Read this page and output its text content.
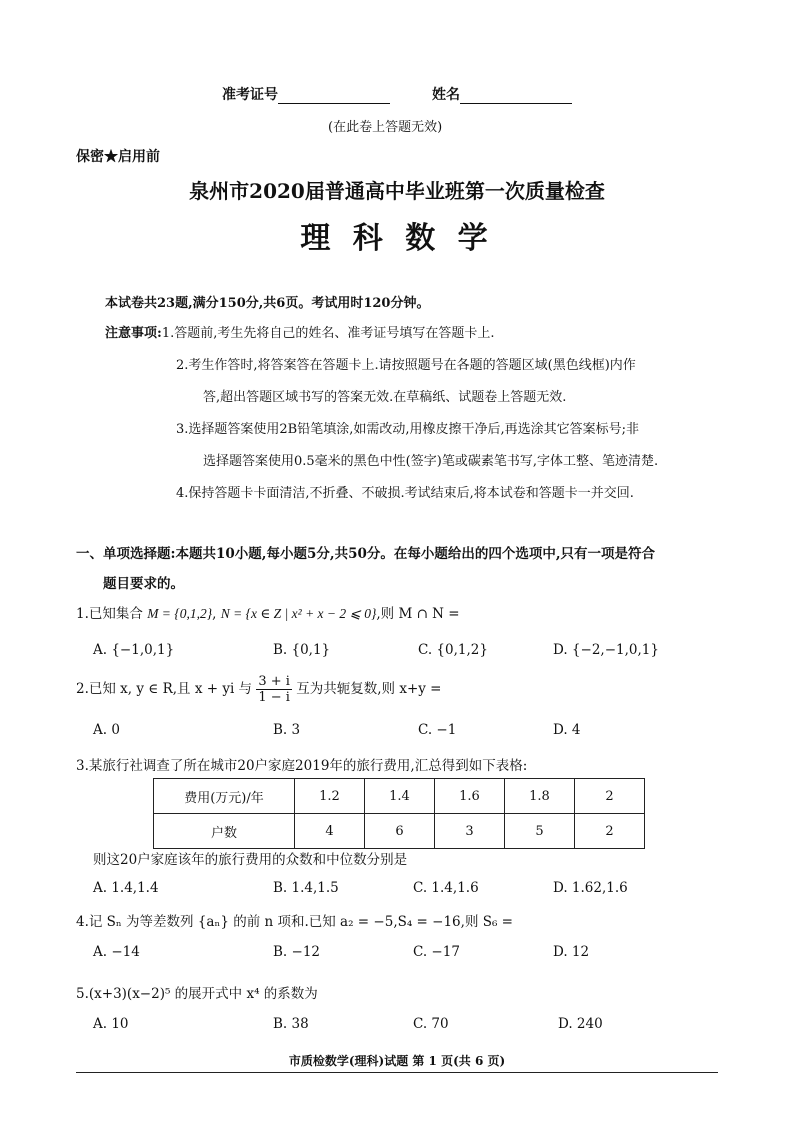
准考证号	姓名
(在此卷上答题无效)
保密★启用前
泉州市2020届普通高中毕业班第一次质量检查
理 科 数 学
本试卷共23题,满分150分,共6页。考试用时120分钟。
注意事项:1.答题前,考生先将自己的姓名、准考证号填写在答题卡上.
2.考生作答时,将答案答在答题卡上.请按照题号在各题的答题区域(黑色线框)内作
答,超出答题区域书写的答案无效.在草稿纸、试题卷上答题无效.
3.选择题答案使用2B铅笔填涂,如需改动,用橡皮擦干净后,再选涂其它答案标号;非
选择题答案使用0.5毫米的黑色中性(签字)笔或碳素笔书写,字体工整、笔迹清楚.
4.保持答题卡卡面清洁,不折叠、不破损.考试结束后,将本试卷和答题卡一并交回.
一、单项选择题:本题共10小题,每小题5分,共50分。在每小题给出的四个选项中,只有一项是符合
题目要求的。
1.已知集合 M = {0,1,2}, N = {x ∈ Z | x² + x − 2 ⩽ 0},则 M ∩ N =
A. {−1,0,1}	B. {0,1}	C. {0,1,2}	D. {−2,−1,0,1}
2.已知 x, y ∈ R,且 x + yi 与 $\frac{3 + i}{1 - i}$ 互为共轭复数,则 x+y =
A. 0	B. 3	C. −1	D. 4
3.某旅行社调查了所在城市20户家庭2019年的旅行费用,汇总得到如下表格:
费用(万元)/年	1.2	1.4	1.6	1.8	2
户数	4	6	3	5	2
则这20户家庭该年的旅行费用的众数和中位数分别是
A. 1.4,1.4	B. 1.4,1.5	C. 1.4,1.6	D. 1.62,1.6
4.记 Sₙ 为等差数列 {aₙ} 的前 n 项和.已知 a₂ = −5,S₄ = −16,则 S₆ =
A. −14	B. −12	C. −17	D. 12
5.(x+3)(x−2)⁵ 的展开式中 x⁴ 的系数为
A. 10	B. 38	C. 70	D. 240
市质检数学(理科)试题 第 1 页(共 6 页)
